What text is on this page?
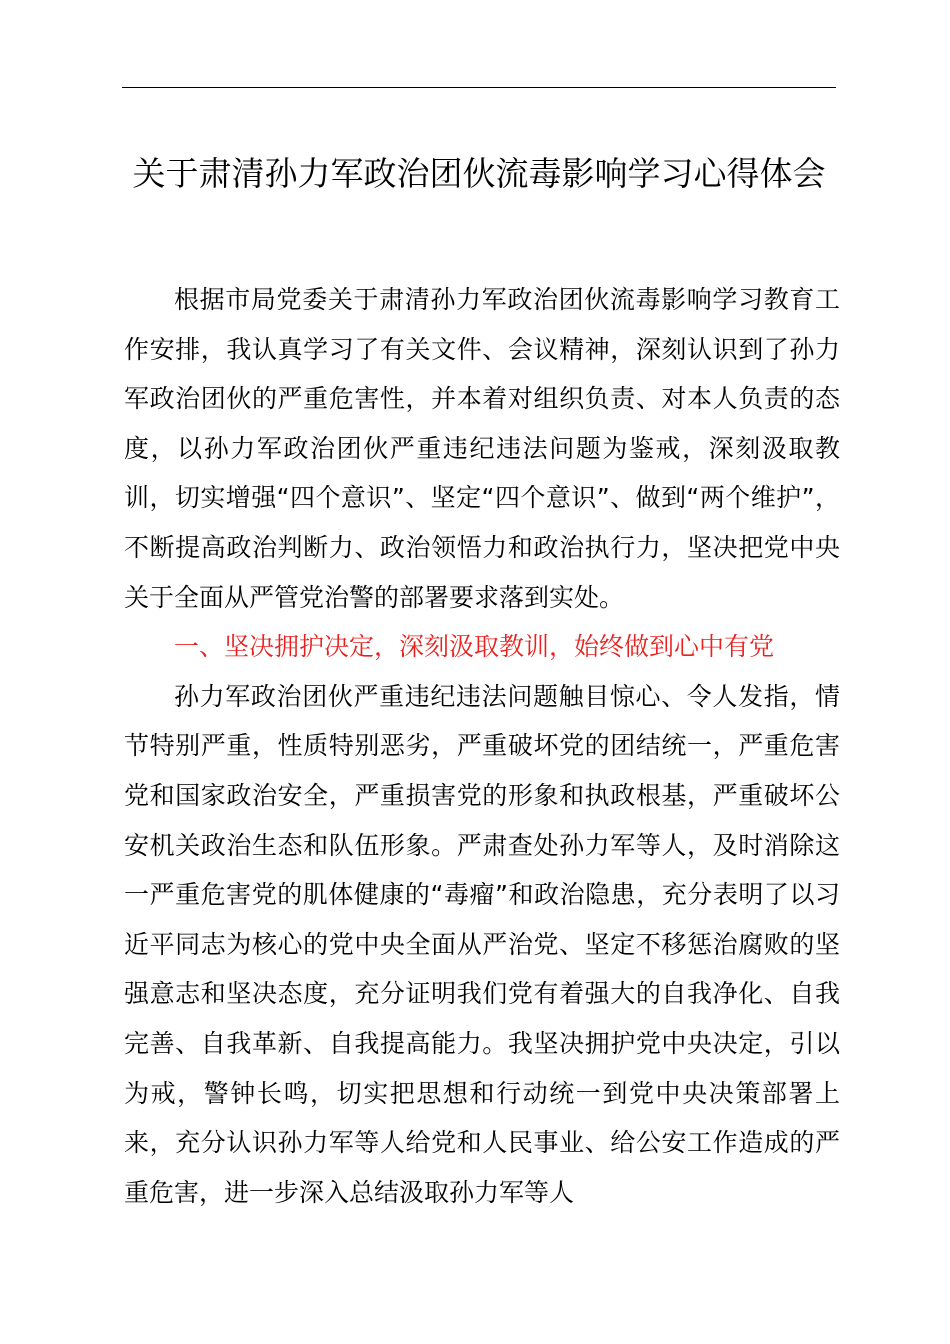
关于肃清孙力军政治团伙流毒影响学习心得体会

根据市局党委关于肃清孙力军政治团伙流毒影响学习教育工作安排，我认真学习了有关文件、会议精神，深刻认识到了孙力军政治团伙的严重危害性，并本着对组织负责、对本人负责的态度，以孙力军政治团伙严重违纪违法问题为鉴戒，深刻汲取教训，切实增强“四个意识”、坚定“四个意识”、做到“两个维护”，不断提高政治判断力、政治领悟力和政治执行力，坚决把党中央关于全面从严管党治警的部署要求落到实处。

一、坚决拥护决定，深刻汲取教训，始终做到心中有党

孙力军政治团伙严重违纪违法问题触目惊心、令人发指，情节特别严重，性质特别恶劣，严重破坏党的团结统一，严重危害党和国家政治安全，严重损害党的形象和执政根基，严重破坏公安机关政治生态和队伍形象。严肃查处孙力军等人，及时消除这一严重危害党的肌体健康的“毒瘤”和政治隐患，充分表明了以习近平同志为核心的党中央全面从严治党、坚定不移惩治腐败的坚强意志和坚决态度，充分证明我们党有着强大的自我净化、自我完善、自我革新、自我提高能力。我坚决拥护党中央决定，引以为戒，警钟长鸣，切实把思想和行动统一到党中央决策部署上来，充分认识孙力军等人给党和人民事业、给公安工作造成的严重危害，进一步深入总结汲取孙力军等人
